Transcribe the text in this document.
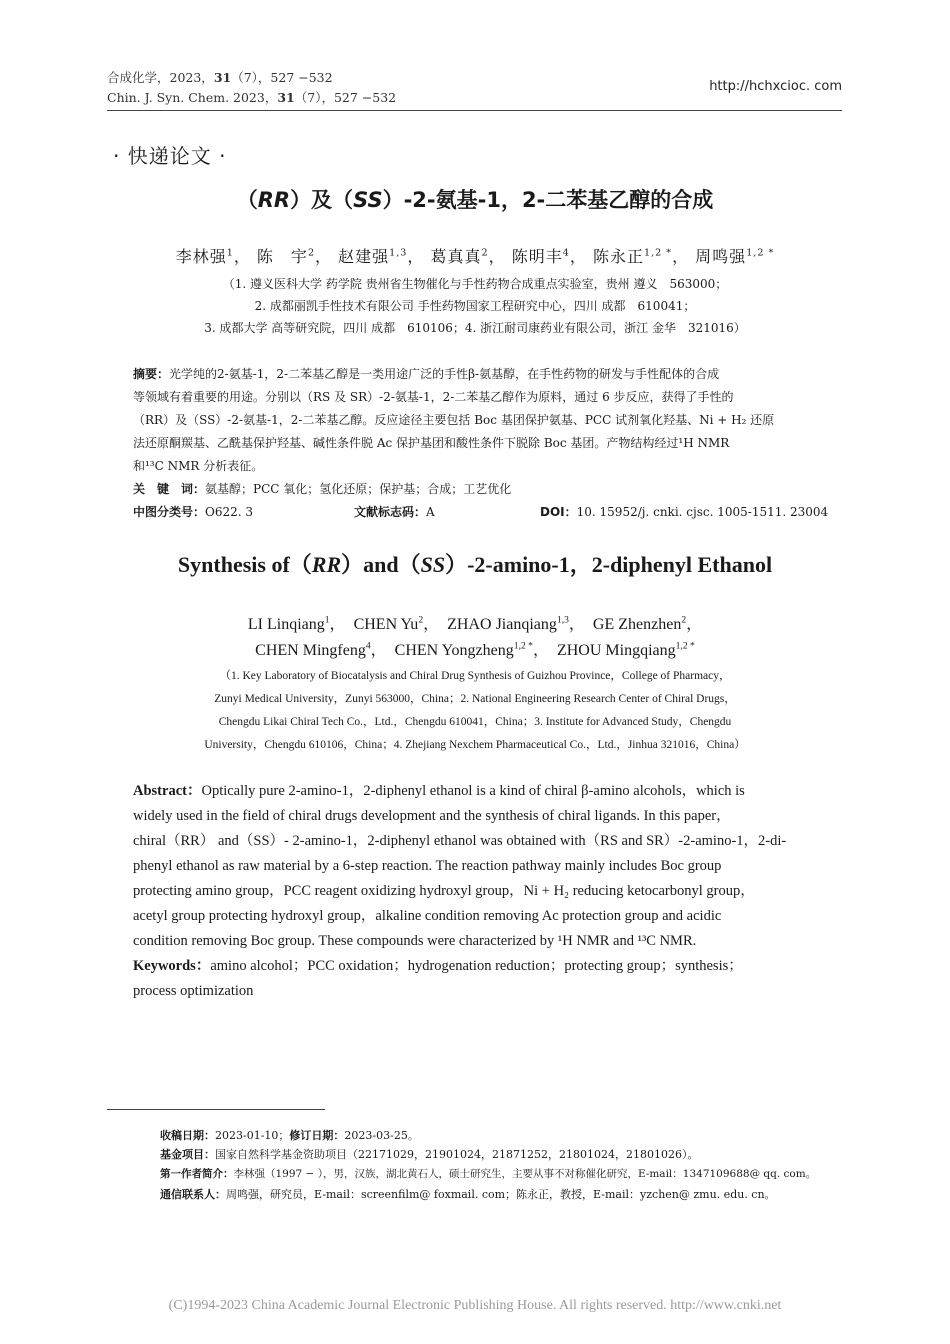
合成化学，2023，31（7），527 −532
Chin. J. Syn. Chem. 2023，31（7），527 −532
http://hchxcioc. com
· 快递论文 ·
（RR）及（SS）-2-氨基-1，2-二苯基乙醇的合成
李林强$^1$， 陈　宇$^2$， 赵建强$^{1,3}$， 葛真真$^2$， 陈明丰$^4$， 陈永正$^{1,2 *}$， 周鸣强$^{1,2 *}$
（1. 遵义医科大学 药学院 贵州省生物催化与手性药物合成重点实验室，贵州 遵义　563000；
2. 成都丽凯手性技术有限公司 手性药物国家工程研究中心，四川 成都　610041；
3. 成都大学 高等研究院，四川 成都　610106；4. 浙江耐司康药业有限公司，浙江 金华　321016）
摘要：光学纯的2-氨基-1，2-二苯基乙醇是一类用途广泛的手性β-氨基醇，在手性药物的研发与手性配体的合成
等领域有着重要的用途。分别以（RS 及 SR）-2-氨基-1，2-二苯基乙醇作为原料，通过 6 步反应，获得了手性的
（RR）及（SS）-2-氨基-1，2-二苯基乙醇。反应途径主要包括 Boc 基团保护氨基、PCC 试剂氧化羟基、Ni + H₂ 还原
法还原酮羰基、乙酰基保护羟基、碱性条件脱 Ac 保护基团和酸性条件下脱除 Boc 基团。产物结构经过¹H NMR
和¹³C NMR 分析表征。
关　键　词：氨基醇；PCC 氧化；氢化还原；保护基；合成；工艺优化
中图分类号：O622. 3	文献标志码：A	DOI：10. 15952/j. cnki. cjsc. 1005-1511. 23004
Synthesis of（RR）and（SS）-2-amino-1，2-diphenyl Ethanol
LI Linqiang$^1$，  CHEN Yu$^2$，  ZHAO Jianqiang$^{1,3}$，  GE Zhenzhen$^2$，
CHEN Mingfeng$^4$，  CHEN Yongzheng$^{1,2 *}$，  ZHOU Mingqiang$^{1,2 *}$
（1. Key Laboratory of Biocatalysis and Chiral Drug Synthesis of Guizhou Province，College of Pharmacy，
Zunyi Medical University，Zunyi 563000，China；2. National Engineering Research Center of Chiral Drugs，
Chengdu Likai Chiral Tech Co.，Ltd.，Chengdu 610041，China；3. Institute for Advanced Study，Chengdu
University，Chengdu 610106，China；4. Zhejiang Nexchem Pharmaceutical Co.，Ltd.，Jinhua 321016，China）
Abstract：Optically pure 2-amino-1，2-diphenyl ethanol is a kind of chiral β-amino alcohols，which is
widely used in the field of chiral drugs development and the synthesis of chiral ligands. In this paper，
chiral（RR） and（SS）- 2-amino-1，2-diphenyl ethanol was obtained with（RS and SR）-2-amino-1，2-di-
phenyl ethanol as raw material by a 6-step reaction. The reaction pathway mainly includes Boc group
protecting amino group，PCC reagent oxidizing hydroxyl group，Ni + H₂ reducing ketocarbonyl group，
acetyl group protecting hydroxyl group，alkaline condition removing Ac protection group and acidic
condition removing Boc group. These compounds were characterized by ¹H NMR and ¹³C NMR.
Keywords：amino alcohol；PCC oxidation；hydrogenation reduction；protecting group；synthesis；
process optimization
收稿日期：2023-01-10；修订日期：2023-03-25。
基金项目：国家自然科学基金资助项目（22171029，21901024，21871252，21801024，21801026）。
第一作者简介：李林强（1997 − ），男，汉族，湖北黄石人，硕士研究生，主要从事不对称催化研究，E-mail：1347109688@ qq. com。
通信联系人：周鸣强，研究员，E-mail：screenfilm@ foxmail. com；陈永正，教授，E-mail：yzchen@ zmu. edu. cn。
(C)1994-2023 China Academic Journal Electronic Publishing House. All rights reserved. http://www.cnki.net
